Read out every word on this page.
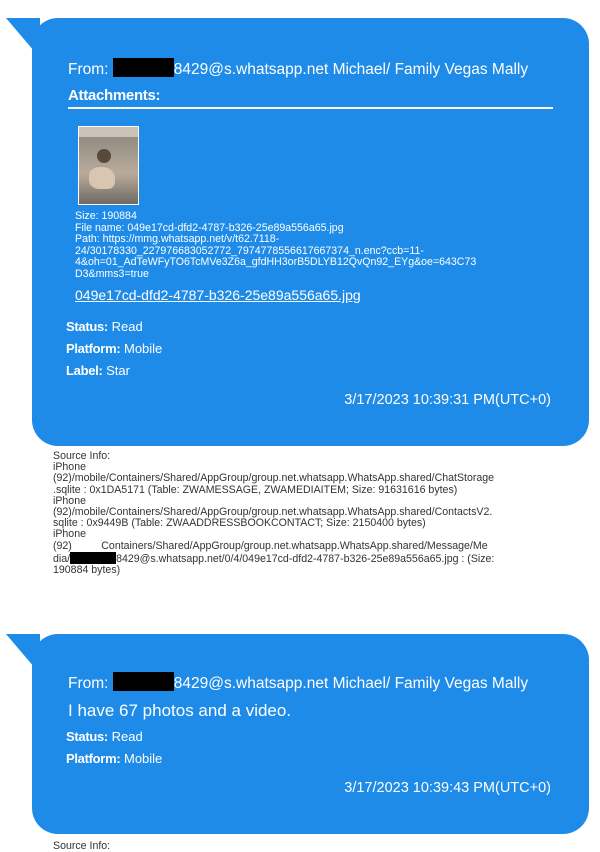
From:	8429@s.whatsapp.net Michael/ Family Vegas Mally
Attachments:
Size: 190884
File name: 049e17cd-dfd2-4787-b326-25e89a556a65.jpg
Path: https://mmg.whatsapp.net/v/t62.7118-
24/30178330_227976683052772_7974778556617667374_n.enc?ccb=11-
4&oh=01_AdTeWFyTO6TcMVe3Z6a_gfdHH3orB5DLYB12QvQn92_EYg&oe=643C73
D3&mms3=true
049e17cd-dfd2-4787-b326-25e89a556a65.jpg
Status: Read
Platform: Mobile
Label: Star
3/17/2023 10:39:31 PM(UTC+0)
Source Info:
iPhone
(92)/mobile/Containers/Shared/AppGroup/group.net.whatsapp.WhatsApp.shared/ChatStorage
.sqlite : 0x1DA5171 (Table: ZWAMESSAGE, ZWAMEDIAITEM; Size: 91631616 bytes)
iPhone
(92)/mobile/Containers/Shared/AppGroup/group.net.whatsapp.WhatsApp.shared/ContactsV2.
sqlite : 0x9449B (Table: ZWAADDRESSBOOKCONTACT; Size: 2150400 bytes)
iPhone
(92)          Containers/Shared/AppGroup/group.net.whatsapp.WhatsApp.shared/Message/Me
dia/	8429@s.whatsapp.net/0/4/049e17cd-dfd2-4787-b326-25e89a556a65.jpg : (Size:
190884 bytes)
From:	8429@s.whatsapp.net Michael/ Family Vegas Mally
I have 67 photos and a video.
Status: Read
Platform: Mobile
3/17/2023 10:39:43 PM(UTC+0)
Source Info:
